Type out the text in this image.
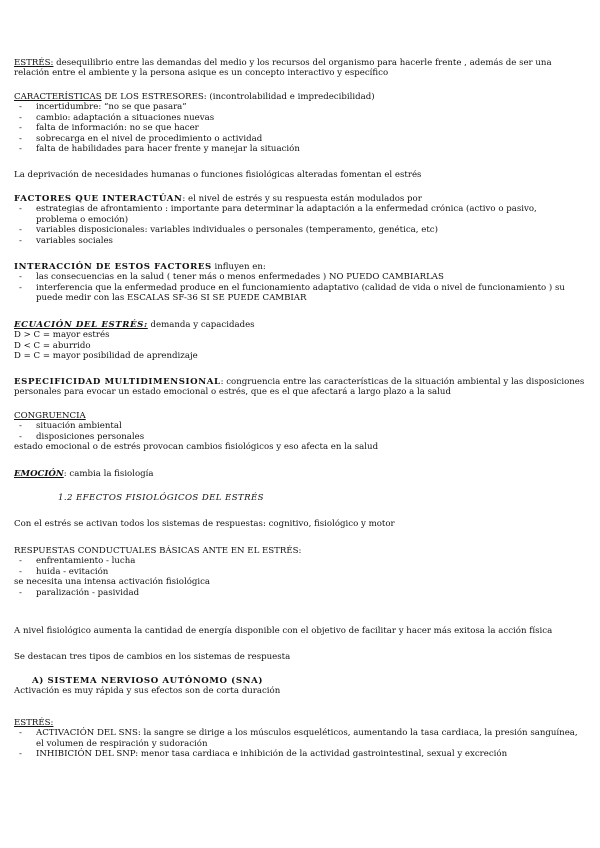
ESTRÉS: desequilibrio entre las demandas del medio y los recursos del organismo para hacerle frente , además de ser una
relación entre el ambiente y la persona asique es un concepto interactivo y específico
CARACTERÍSTICAS DE LOS ESTRESORES: (incontrolabilidad e impredecibilidad)
- incertidumbre: “no se que pasara”
- cambio: adaptación a situaciones nuevas
- falta de información: no se que hacer
- sobrecarga en el nivel de procedimiento o actividad
- falta de habilidades para hacer frente y manejar la situación
La deprivación de necesidades humanas o funciones fisiológicas alteradas fomentan el estrés
FACTORES QUE INTERACTÚAN: el nivel de estrés y su respuesta están modulados por
- estrategias de afrontamiento : importante para determinar la adaptación a la enfermedad crónica (activo o pasivo,
problema o emoción)
- variables disposicionales: variables individuales o personales (temperamento, genética, etc)
- variables sociales
INTERACCIÓN DE ESTOS FACTORES influyen en:
- las consecuencias en la salud ( tener más o menos enfermedades ) NO PUEDO CAMBIARLAS
- interferencia que la enfermedad produce en el funcionamiento adaptativo (calidad de vida o nivel de funcionamiento ) su
puede medir con las ESCALAS SF-36 SI SE PUEDE CAMBIAR
ECUACIÓN DEL ESTRÉS: demanda y capacidades
D > C = mayor estrés
D < C = aburrido
D = C = mayor posibilidad de aprendizaje
ESPECIFICIDAD MULTIDIMENSIONAL: congruencia entre las características de la situación ambiental y las disposiciones
personales para evocar un estado emocional o estrés, que es el que afectará a largo plazo a la salud
CONGRUENCIA
- situación ambiental
- disposiciones personales
estado emocional o de estrés provocan cambios fisiológicos y eso afecta en la salud
EMOCIÓN: cambia la fisiología
1.2 EFECTOS FISIOLÓGICOS DEL ESTRÉS
Con el estrés se activan todos los sistemas de respuestas: cognitivo, fisiológico y motor
RESPUESTAS CONDUCTUALES BÁSICAS ANTE EN EL ESTRÉS:
- enfrentamiento - lucha
- huida - evitación
se necesita una intensa activación fisiológica
- paralización - pasividad
A nivel fisiológico aumenta la cantidad de energía disponible con el objetivo de facilitar y hacer más exitosa la acción física
Se destacan tres tipos de cambios en los sistemas de respuesta
A) SISTEMA NERVIOSO AUTÓNOMO (SNA)
Activación es muy rápida y sus efectos son de corta duración
ESTRÉS:
- ACTIVACIÓN DEL SNS: la sangre se dirige a los músculos esqueléticos, aumentando la tasa cardiaca, la presión sanguínea,
el volumen de respiración y sudoración
- INHIBICIÓN DEL SNP: menor tasa cardiaca e inhibición de la actividad gastrointestinal, sexual y excreción
